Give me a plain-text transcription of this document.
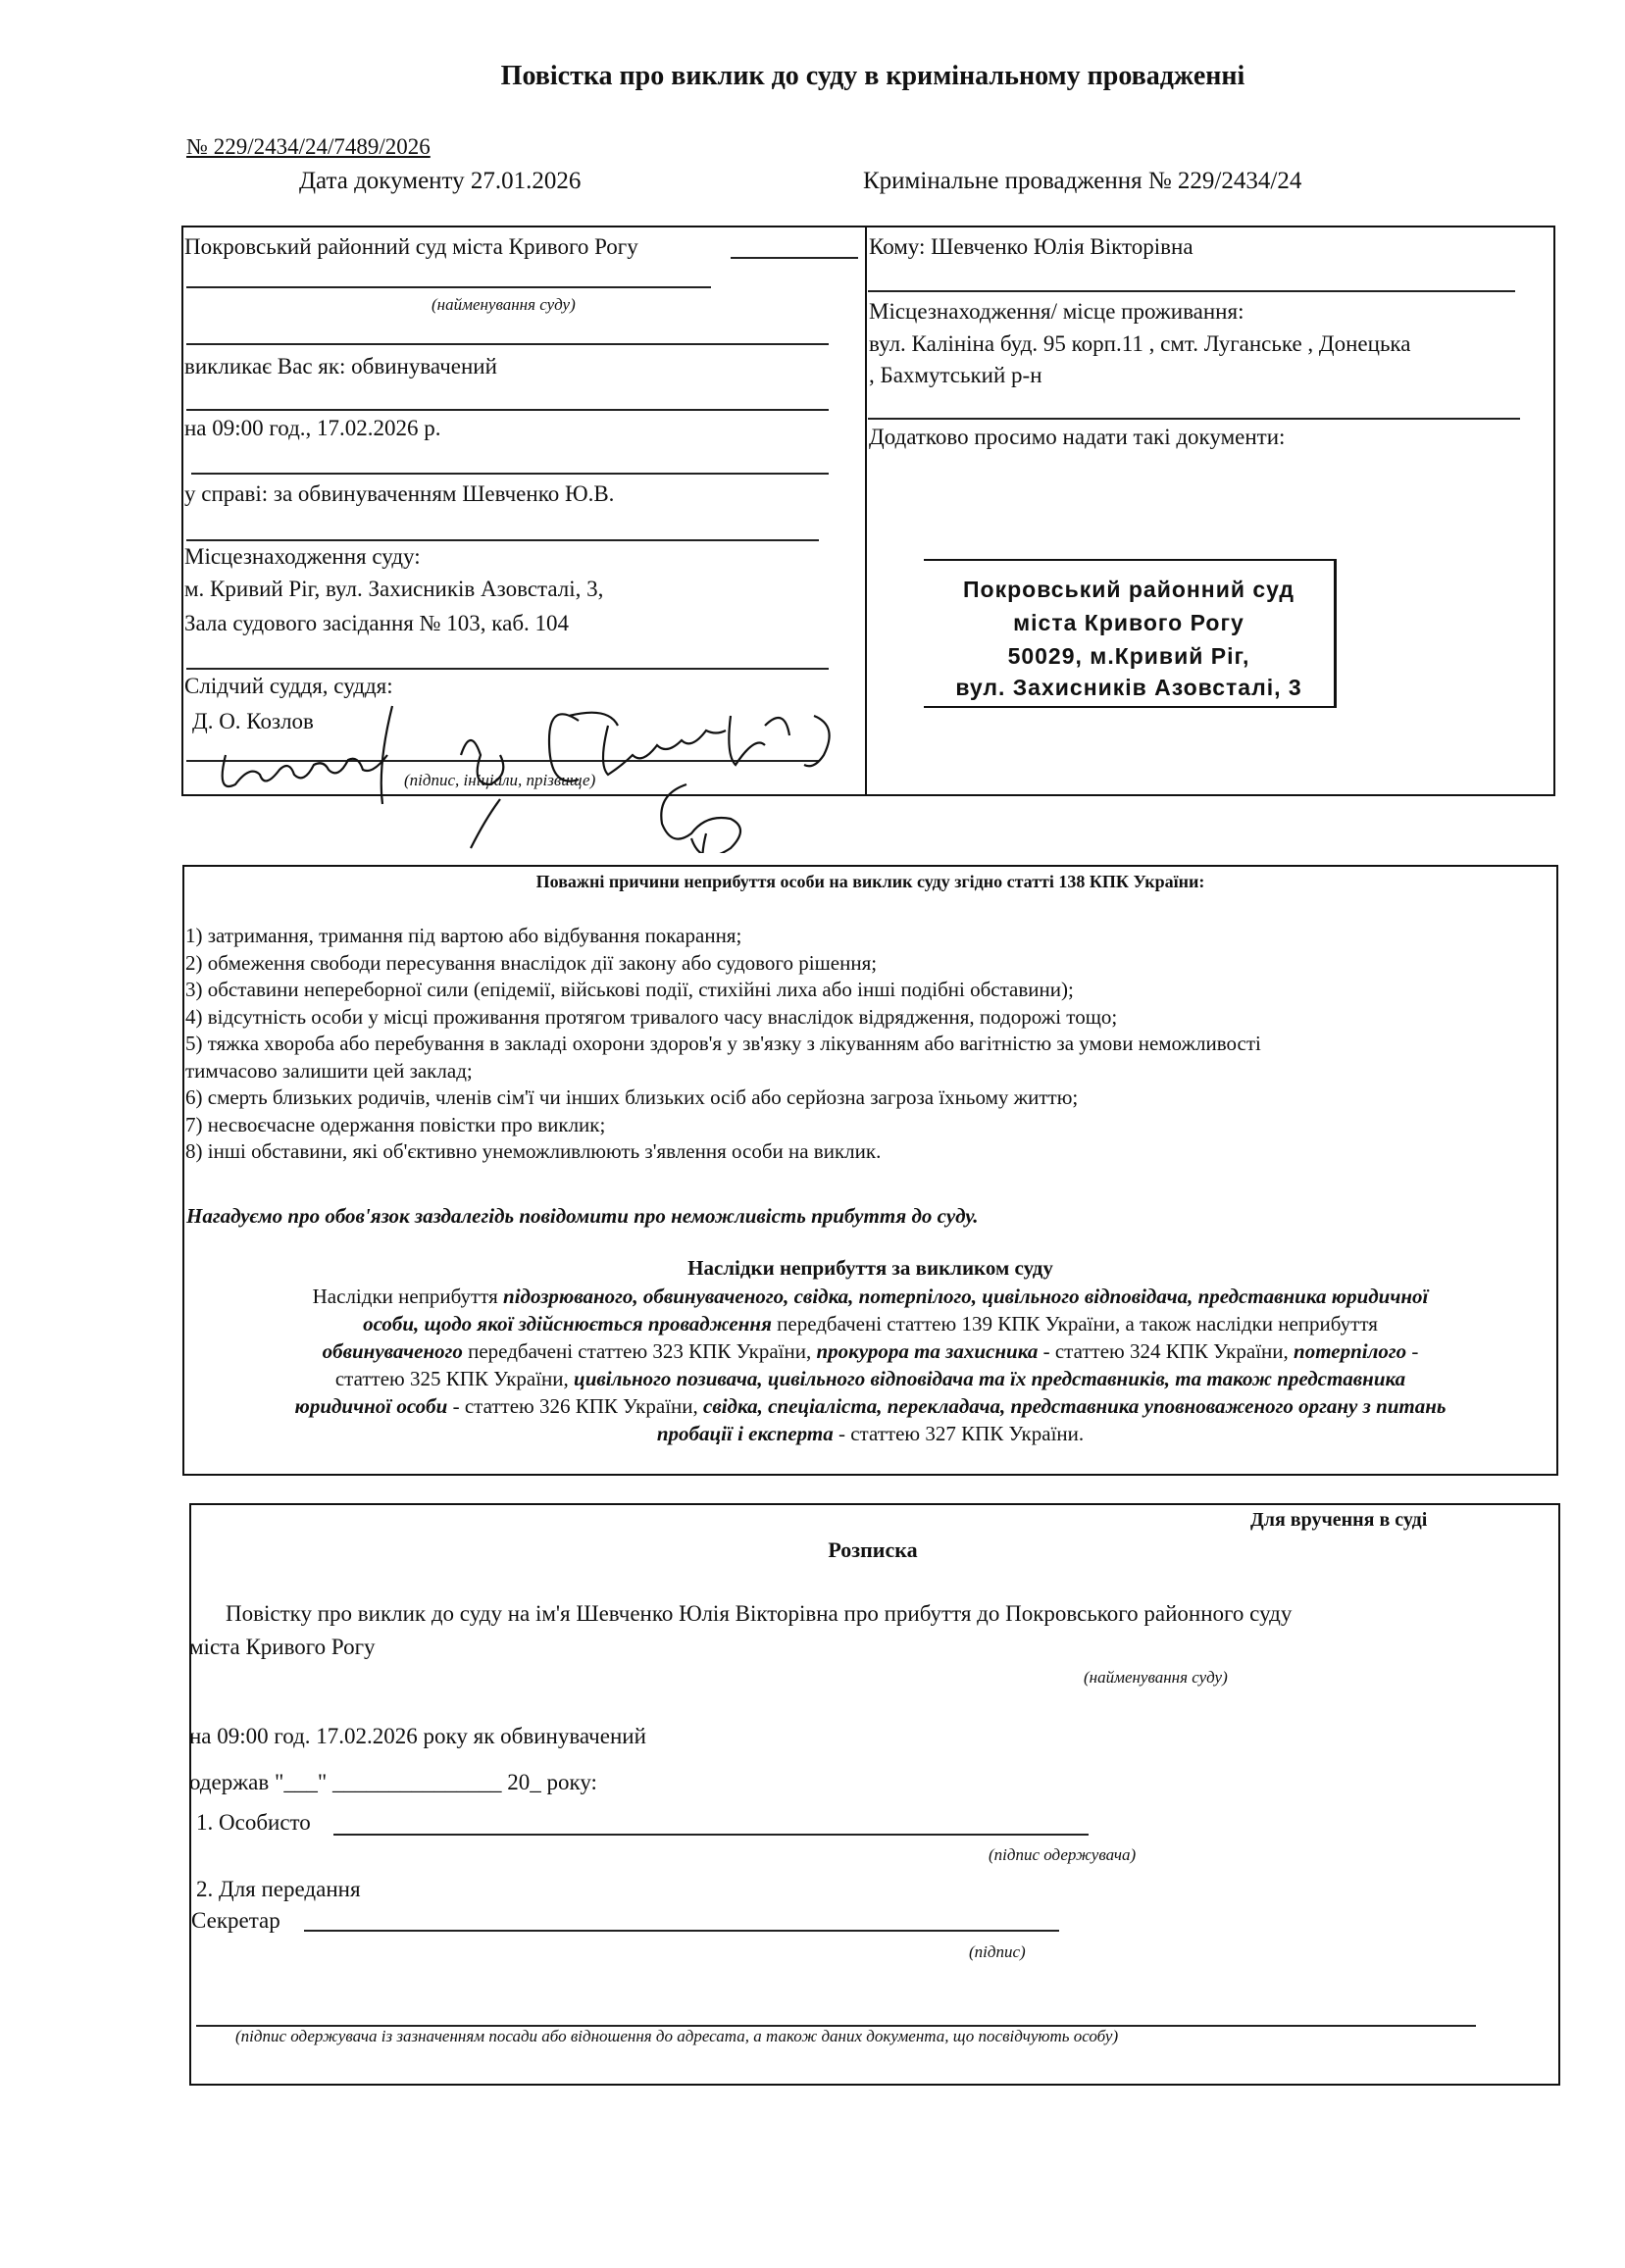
Повістка про виклик до суду в кримінальному провадженні
№ 229/2434/24/7489/2026
Дата документу 27.01.2026	Кримінальне провадження № 229/2434/24
Покровський районний суд міста Кривого Рогу
(найменування суду)
викликає Вас як: обвинувачений
на 09:00 год., 17.02.2026 р.
у справі: за обвинуваченням Шевченко Ю.В.
Місцезнаходження суду:
м. Кривий Ріг, вул. Захисників Азовсталі, 3,
Зала судового засідання № 103, каб. 104
Слідчий суддя, суддя:
Д. О. Козлов
(підпис, ініціали, прізвище)
Кому: Шевченко Юлія Вікторівна
Місцезнаходження/ місце проживання:
вул. Калініна буд. 95 корп.11 , смт. Луганське , Донецька
, Бахмутський р-н
Додатково просимо надати такі документи:
Покровський районний суд
міста Кривого Рогу
50029, м.Кривий Ріг,
вул. Захисників Азовсталі, 3
Поважні причини неприбуття особи на виклик суду згідно статті 138 КПК України:
1) затримання, тримання під вартою або відбування покарання;
2) обмеження свободи пересування внаслідок дії закону або судового рішення;
3) обставини непереборної сили (епідемії, військові події, стихійні лиха або інші подібні обставини);
4) відсутність особи у місці проживання протягом тривалого часу внаслідок відрядження, подорожі тощо;
5) тяжка хвороба або перебування в закладі охорони здоров'я у зв'язку з лікуванням або вагітністю за умови неможливості
тимчасово залишити цей заклад;
6) смерть близьких родичів, членів сім'ї чи інших близьких осіб або серйозна загроза їхньому життю;
7) несвоєчасне одержання повістки про виклик;
8) інші обставини, які об'єктивно унеможливлюють з'явлення особи на виклик.
Нагадуємо про обов'язок заздалегідь повідомити про неможливість прибуття до суду.
Наслідки неприбуття за викликом суду
Наслідки неприбуття підозрюваного, обвинуваченого, свідка, потерпілого, цивільного відповідача, представника юридичної
особи, щодо якої здійснюється провадження передбачені статтею 139 КПК України, а також наслідки неприбуття
обвинуваченого передбачені статтею 323 КПК України, прокурора та захисника - статтею 324 КПК України, потерпілого -
статтею 325 КПК України, цивільного позивача, цивільного відповідача та їх представників, та також представника
юридичної особи - статтею 326 КПК України, свідка, спеціаліста, перекладача, представника уповноваженого органу з питань
пробації і експерта - статтею 327 КПК України.
Для вручення в суді
Розписка
Повістку про виклик до суду на ім'я Шевченко Юлія Вікторівна про прибуття до Покровського районного суду
міста Кривого Рогу
(найменування суду)
на 09:00 год. 17.02.2026 року як обвинувачений
одержав "___" _______________ 20_ року:
1. Особисто
(підпис одержувача)
2. Для передання
Секретар
(підпис)
(підпис одержувача із зазначенням посади або відношення до адресата, а також даних документа, що посвідчують особу)
